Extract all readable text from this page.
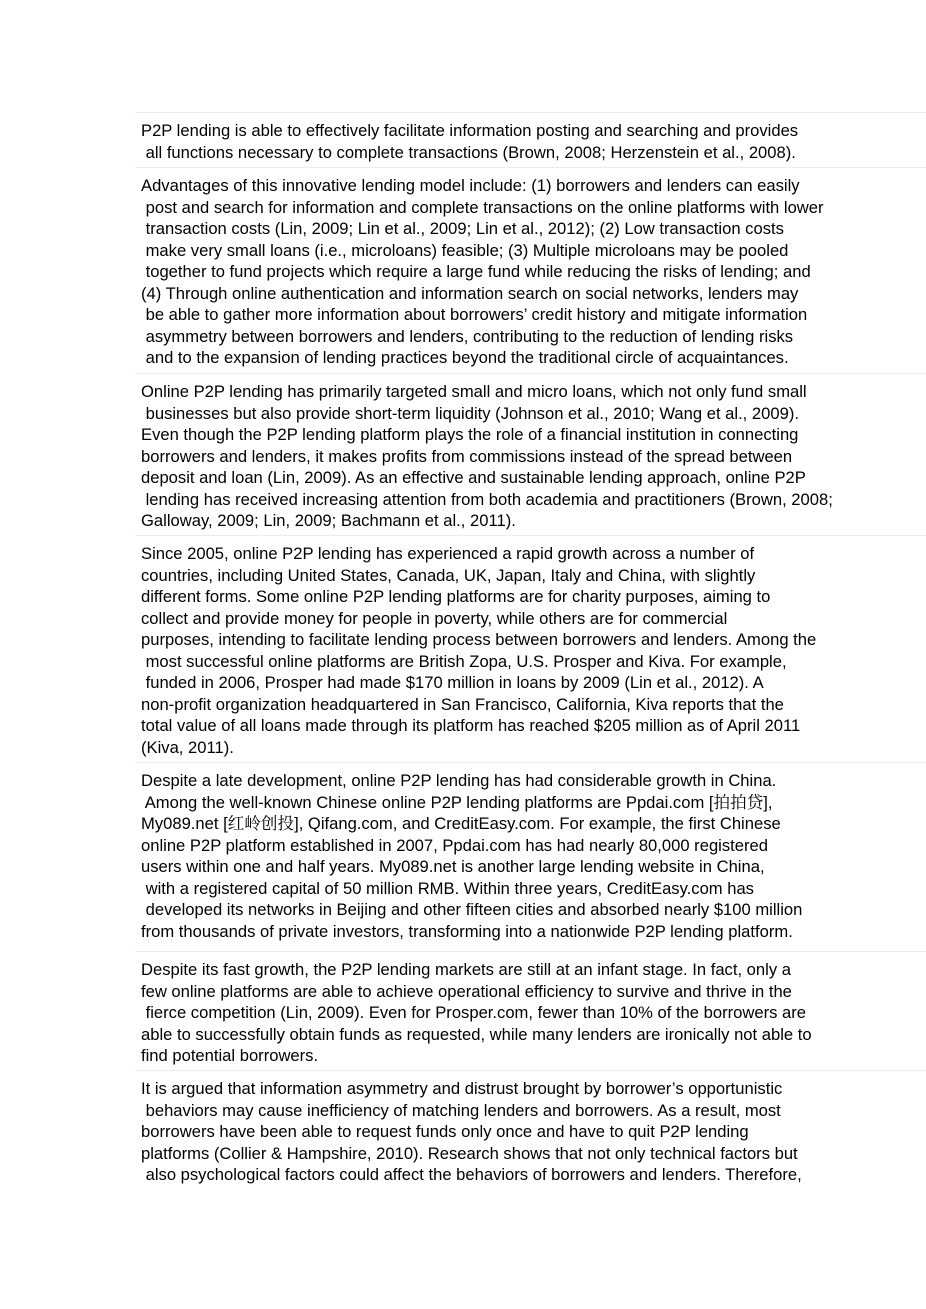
P2P lending is able to effectively facilitate information posting and searching and provides
all functions necessary to complete transactions (Brown, 2008; Herzenstein et al., 2008).
Advantages of this innovative lending model include: (1) borrowers and lenders can easily
post and search for information and complete transactions on the online platforms with lower
transaction costs (Lin, 2009; Lin et al., 2009; Lin et al., 2012); (2) Low transaction costs
make very small loans (i.e., microloans) feasible; (3) Multiple microloans may be pooled
together to fund projects which require a large fund while reducing the risks of lending; and
(4) Through online authentication and information search on social networks, lenders may
be able to gather more information about borrowers’ credit history and mitigate information
asymmetry between borrowers and lenders, contributing to the reduction of lending risks
and to the expansion of lending practices beyond the traditional circle of acquaintances.
Online P2P lending has primarily targeted small and micro loans, which not only fund small
businesses but also provide short-term liquidity (Johnson et al., 2010; Wang et al., 2009).
Even though the P2P lending platform plays the role of a financial institution in connecting
borrowers and lenders, it makes profits from commissions instead of the spread between
deposit and loan (Lin, 2009). As an effective and sustainable lending approach, online P2P
lending has received increasing attention from both academia and practitioners (Brown, 2008;
Galloway, 2009; Lin, 2009; Bachmann et al., 2011).
Since 2005, online P2P lending has experienced a rapid growth across a number of
countries, including United States, Canada, UK, Japan, Italy and China, with slightly
different forms. Some online P2P lending platforms are for charity purposes, aiming to
collect and provide money for people in poverty, while others are for commercial
purposes, intending to facilitate lending process between borrowers and lenders. Among the
most successful online platforms are British Zopa, U.S. Prosper and Kiva. For example,
funded in 2006, Prosper had made $170 million in loans by 2009 (Lin et al., 2012). A
non-profit organization headquartered in San Francisco, California, Kiva reports that the
total value of all loans made through its platform has reached $205 million as of April 2011
(Kiva, 2011).
Despite a late development, online P2P lending has had considerable growth in China.
Among the well-known Chinese online P2P lending platforms are Ppdai.com [拍拍贷],
My089.net [红岭创投], Qifang.com, and CreditEasy.com. For example, the first Chinese
online P2P platform established in 2007, Ppdai.com has had nearly 80,000 registered
users within one and half years. My089.net is another large lending website in China,
with a registered capital of 50 million RMB. Within three years, CreditEasy.com has
developed its networks in Beijing and other fifteen cities and absorbed nearly $100 million
from thousands of private investors, transforming into a nationwide P2P lending platform.
Despite its fast growth, the P2P lending markets are still at an infant stage. In fact, only a
few online platforms are able to achieve operational efficiency to survive and thrive in the
fierce competition (Lin, 2009). Even for Prosper.com, fewer than 10% of the borrowers are
able to successfully obtain funds as requested, while many lenders are ironically not able to
find potential borrowers.
It is argued that information asymmetry and distrust brought by borrower’s opportunistic
behaviors may cause inefficiency of matching lenders and borrowers. As a result, most
borrowers have been able to request funds only once and have to quit P2P lending
platforms (Collier & Hampshire, 2010). Research shows that not only technical factors but
also psychological factors could affect the behaviors of borrowers and lenders. Therefore,
